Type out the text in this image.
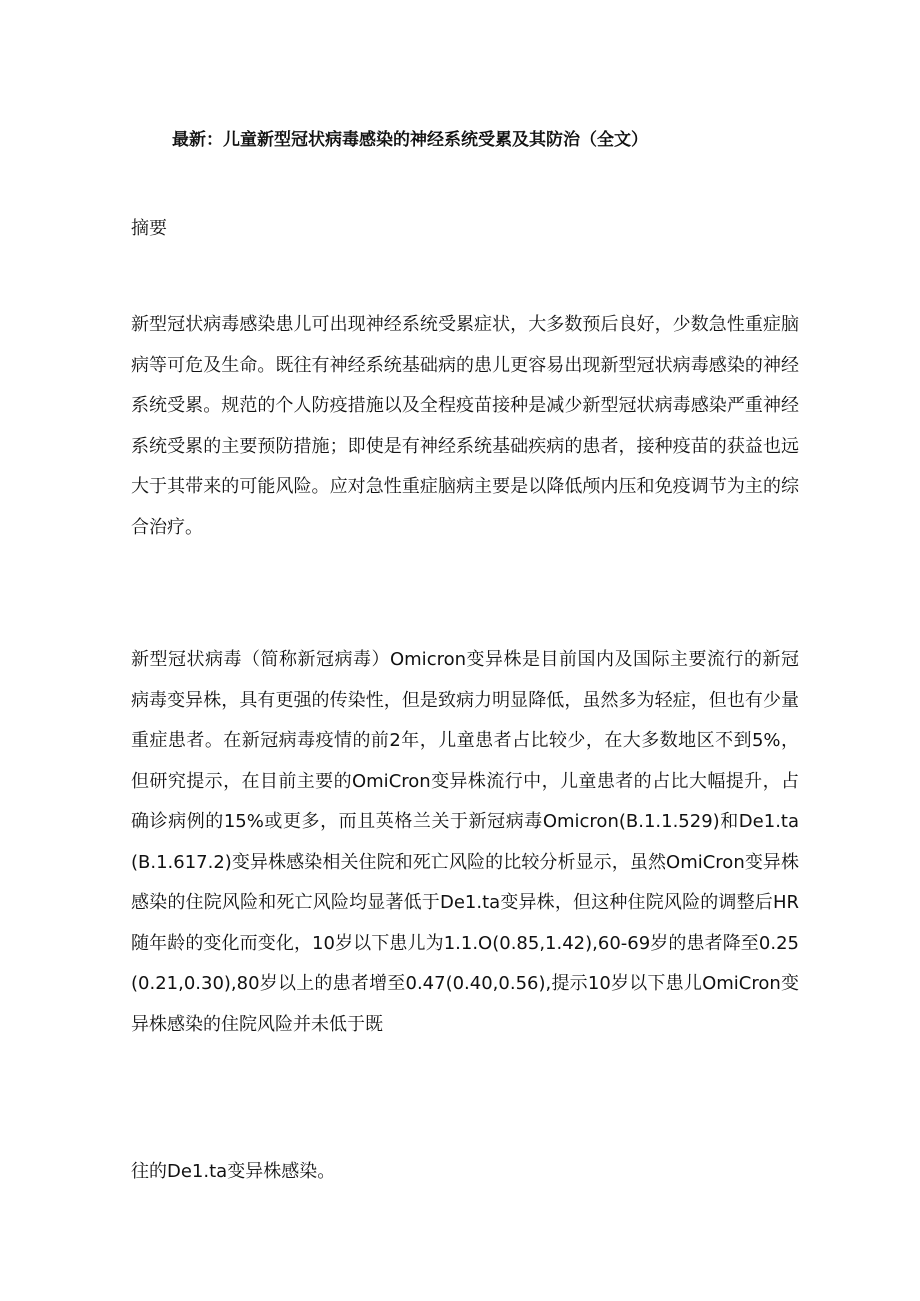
最新：儿童新型冠状病毒感染的神经系统受累及其防治（全文）
摘要

新型冠状病毒感染患儿可出现神经系统受累症状，大多数预后良好，少数急性重症脑病等可危及生命。既往有神经系统基础病的患儿更容易出现新型冠状病毒感染的神经系统受累。规范的个人防疫措施以及全程疫苗接种是减少新型冠状病毒感染严重神经系统受累的主要预防措施；即使是有神经系统基础疾病的患者，接种疫苗的获益也远大于其带来的可能风险。应对急性重症脑病主要是以降低颅内压和免疫调节为主的综合治疗。

新型冠状病毒（简称新冠病毒）Omicron变异株是目前国内及国际主要流行的新冠病毒变异株，具有更强的传染性，但是致病力明显降低，虽然多为轻症，但也有少量重症患者。在新冠病毒疫情的前2年，儿童患者占比较少，在大多数地区不到5%，但研究提示，在目前主要的OmiCron变异株流行中，儿童患者的占比大幅提升，占确诊病例的15%或更多，而且英格兰关于新冠病毒Omicron(B.1.1.529)和De1.ta(B.1.617.2)变异株感染相关住院和死亡风险的比较分析显示，虽然OmiCron变异株感染的住院风险和死亡风险均显著低于De1.ta变异株，但这种住院风险的调整后HR随年龄的变化而变化，10岁以下患儿为1.1.O(0.85,1.42),60-69岁的患者降至0.25(0.21,0.30),80岁以上的患者增至0.47(0.40,0.56),提示10岁以下患儿OmiCron变异株感染的住院风险并未低于既

往的De1.ta变异株感染。
